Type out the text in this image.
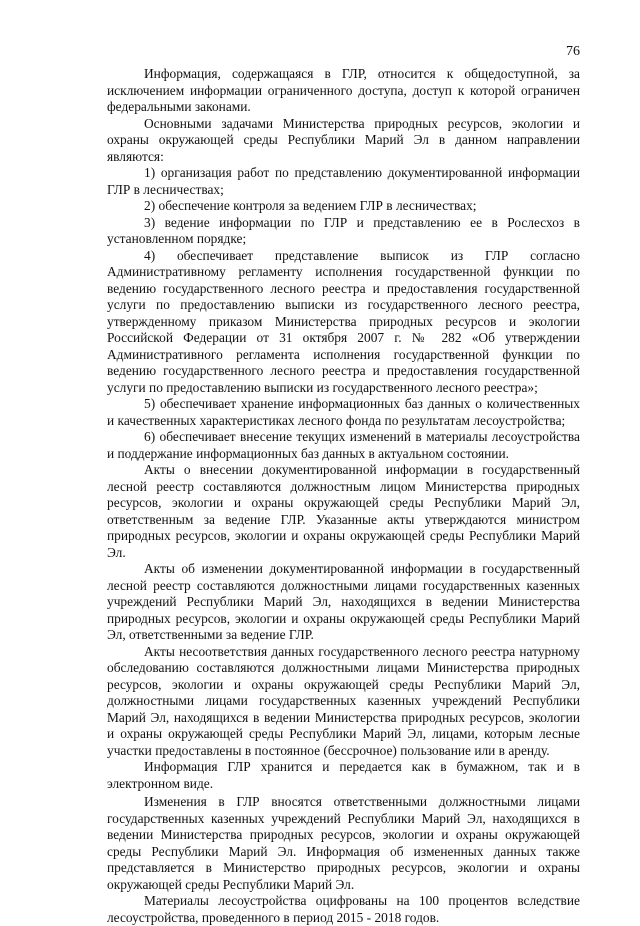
76

Информация, содержащаяся в ГЛР, относится к общедоступной, за исключением информации ограниченного доступа, доступ к которой ограничен федеральными законами.

Основными задачами Министерства природных ресурсов, экологии и охраны окружающей среды Республики Марий Эл в данном направлении являются:

1) организация работ по представлению документированной информации ГЛР в лесничествах;

2) обеспечение контроля за ведением ГЛР в лесничествах;

3) ведение информации по ГЛР и представлению ее в Рослесхоз в установленном порядке;

4) обеспечивает представление выписок из ГЛР согласно Административному регламенту исполнения государственной функции по ведению государственного лесного реестра и предоставления государственной услуги по предоставлению выписки из государственного лесного реестра, утвержденному приказом Министерства природных ресурсов и экологии Российской Федерации от 31 октября 2007 г. № 282 «Об утверждении Административного регламента исполнения государственной функции по ведению государственного лесного реестра и предоставления государственной услуги по предоставлению выписки из государственного лесного реестра»;

5) обеспечивает хранение информационных баз данных о количественных и качественных характеристиках лесного фонда по результатам лесоустройства;

6) обеспечивает внесение текущих изменений в материалы лесоустройства и поддержание информационных баз данных в актуальном состоянии.

Акты о внесении документированной информации в государственный лесной реестр составляются должностным лицом Министерства природных ресурсов, экологии и охраны окружающей среды Республики Марий Эл, ответственным за ведение ГЛР. Указанные акты утверждаются министром природных ресурсов, экологии и охраны окружающей среды Республики Марий Эл.

Акты об изменении документированной информации в государственный лесной реестр составляются должностными лицами государственных казенных учреждений Республики Марий Эл, находящихся в ведении Министерства природных ресурсов, экологии и охраны окружающей среды Республики Марий Эл, ответственными за ведение ГЛР.

Акты несоответствия данных государственного лесного реестра натурному обследованию составляются должностными лицами Министерства природных ресурсов, экологии и охраны окружающей среды Республики Марий Эл, должностными лицами государственных казенных учреждений Республики Марий Эл, находящихся в ведении Министерства природных ресурсов, экологии и охраны окружающей среды Республики Марий Эл, лицами, которым лесные участки предоставлены в постоянное (бессрочное) пользование или в аренду.

Информация ГЛР хранится и передается как в бумажном, так и в электронном виде.

Изменения в ГЛР вносятся ответственными должностными лицами государственных казенных учреждений Республики Марий Эл, находящихся в ведении Министерства природных ресурсов, экологии и охраны окружающей среды Республики Марий Эл. Информация об измененных данных также представляется в Министерство природных ресурсов, экологии и охраны окружающей среды Республики Марий Эл.

Материалы лесоустройства оцифрованы на 100 процентов вследствие лесоустройства, проведенного в период 2015 - 2018 годов.
